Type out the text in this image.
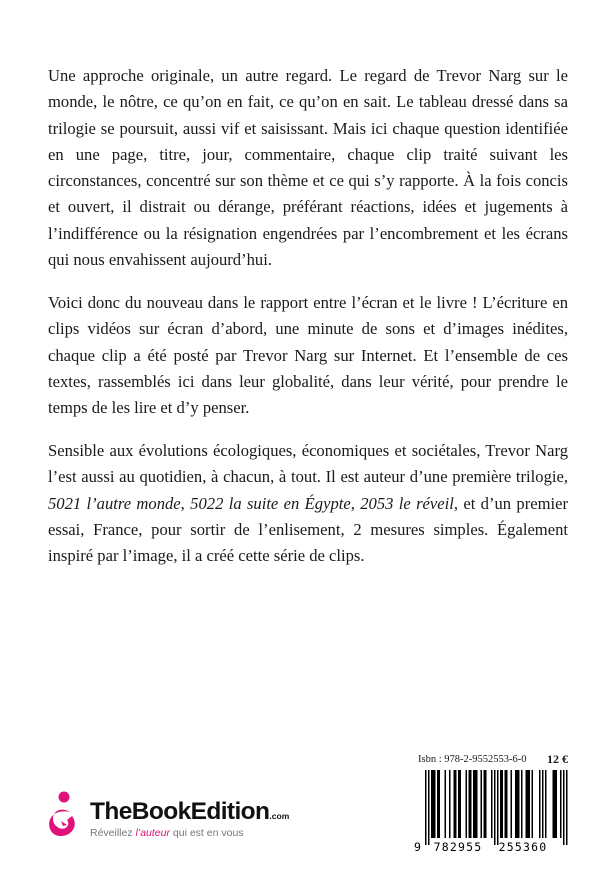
Une approche originale, un autre regard. Le regard de Trevor Narg sur le monde, le nôtre, ce qu’on en fait, ce qu’on en sait. Le tableau dressé dans sa trilogie se poursuit, aussi vif et saisissant. Mais ici chaque question identifiée en une page, titre, jour, commentaire, chaque clip traité suivant les circonstances, concentré sur son thème et ce qui s’y rapporte. À la fois concis et ouvert, il distrait ou dérange, préférant réactions, idées et jugements à l’indifférence ou la résignation engendrées par l’encombrement et les écrans qui nous envahissent aujourd’hui.

Voici donc du nouveau dans le rapport entre l’écran et le livre ! L’écriture en clips vidéos sur écran d’abord, une minute de sons et d’images inédites, chaque clip a été posté par Trevor Narg sur Internet. Et l’ensemble de ces textes, rassemblés ici dans leur globalité, dans leur vérité, pour prendre le temps de les lire et d’y penser.

Sensible aux évolutions écologiques, économiques et sociétales, Trevor Narg l’est aussi au quotidien, à chacun, à tout. Il est auteur d’une première trilogie, 5021 l’autre monde, 5022 la suite en Égypte, 2053 le réveil, et d’un premier essai, France, pour sortir de l’enlisement, 2 mesures simples. Également inspiré par l’image, il a créé cette série de clips.

Isbn : 978-2-9552553-6-0 12 €
9 782955 255360
TheBookEdition.com
Réveillez l’auteur qui est en vous
